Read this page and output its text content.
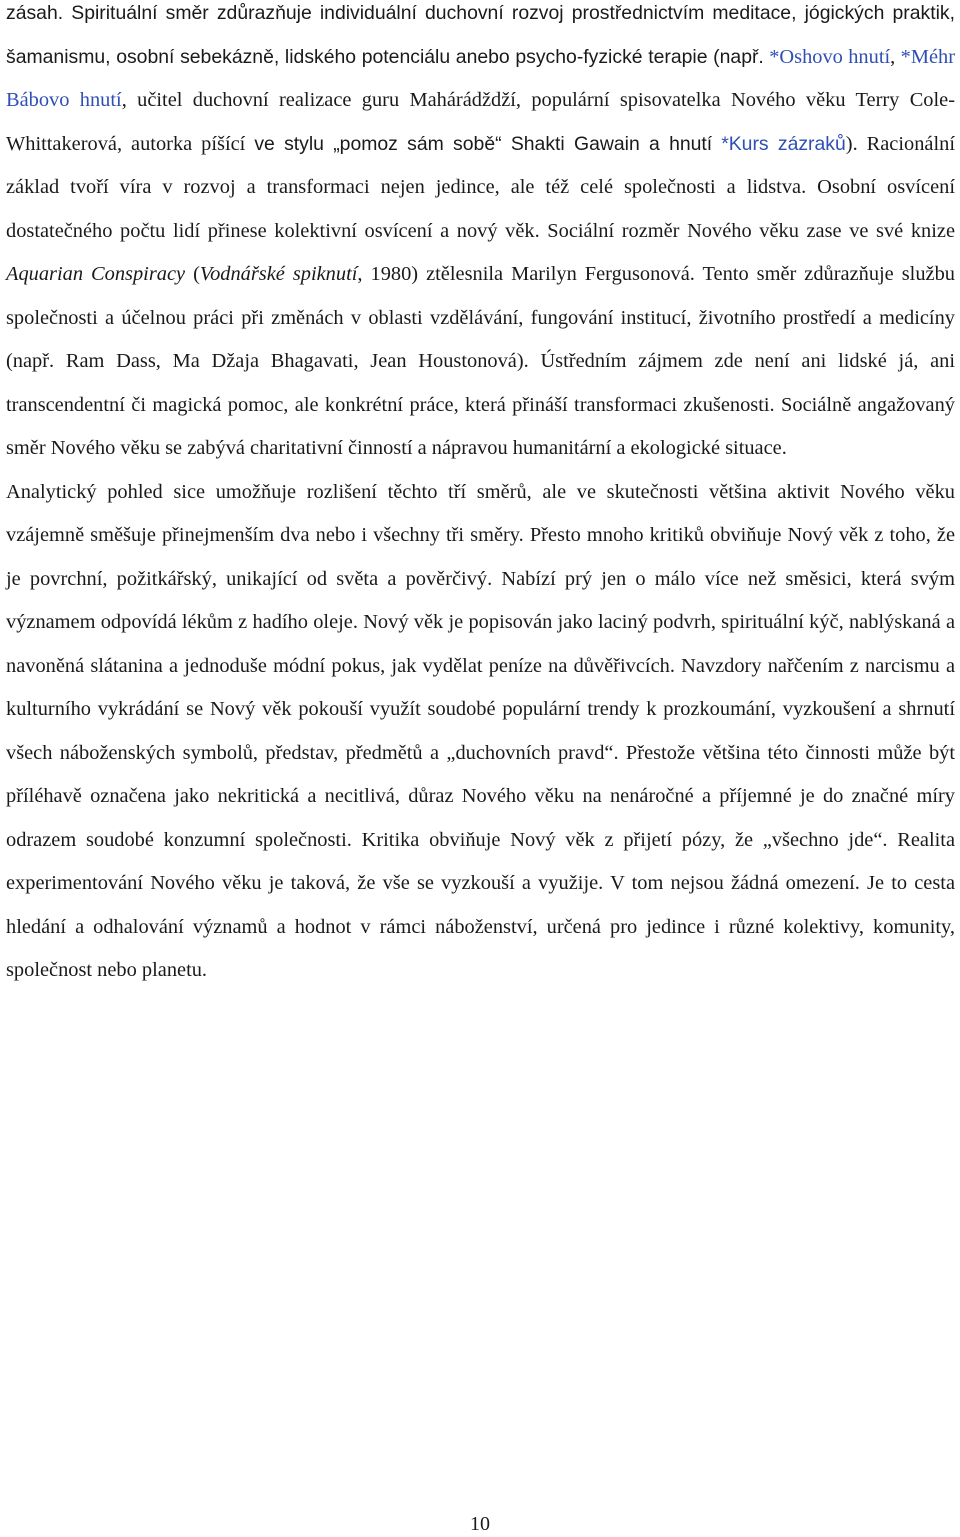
zásah. Spirituální směr zdůrazňuje individuální duchovní rozvoj prostřednictvím meditace, jógických praktik, šamanismu, osobní sebekázně, lidského potenciálu anebo psycho-fyzické terapie (např. *Oshovo hnutí, *Méhr Bábovo hnutí, učitel duchovní realizace guru Mahárádždží, populární spisovatelka Nového věku Terry Cole-Whittakerová, autorka píšící ve stylu „pomoz sám sobě“ Shakti Gawain a hnutí *Kurs zázraků). Racionální základ tvoří víra v rozvoj a transformaci nejen jedince, ale též celé společnosti a lidstva. Osobní osvícení dostatečného počtu lidí přinese kolektivní osvícení a nový věk. Sociální rozměr Nového věku zase ve své knize Aquarian Conspiracy (Vodnářské spiknutí, 1980) ztělesnila Marilyn Fergusonová. Tento směr zdůrazňuje službu společnosti a účelnou práci při změnách v oblasti vzdělávání, fungování institucí, životního prostředí a medicíny (např. Ram Dass, Ma Džaja Bhagavati, Jean Houstonová). Ústředním zájmem zde není ani lidské já, ani transcendentní či magická pomoc, ale konkrétní práce, která přináší transformaci zkušenosti. Sociálně angažovaný směr Nového věku se zabývá charitativní činností a nápravou humanitární a ekologické situace.

Analytický pohled sice umožňuje rozlišení těchto tří směrů, ale ve skutečnosti většina aktivit Nového věku vzájemně směšuje přinejmenším dva nebo i všechny tři směry. Přesto mnoho kritiků obviňuje Nový věk z toho, že je povrchní, požitkářský, unikající od světa a pověrčivý. Nabízí prý jen o málo více než směsici, která svým významem odpovídá lékům z hadího oleje. Nový věk je popisován jako laciný podvrh, spirituální kýč, nablýskaná a navoněná slátanina a jednoduše módní pokus, jak vydělat peníze na důvěřivcích. Navzdory nařčením z narcismu a kulturního vykrádání se Nový věk pokouší využít soudobé populární trendy k prozkoumání, vyzkoušení a shrnutí všech náboženských symbolů, představ, předmětů a „duchovních pravd“. Přestože většina této činnosti může být příléhavě označena jako nekritická a necitlivá, důraz Nového věku na nenáročné a příjemné je do značné míry odrazem soudobé konzumní společnosti. Kritika obviňuje Nový věk z přijetí pózy, že „všechno jde“. Realita experimentování Nového věku je taková, že vše se vyzkouší a využije. V tom nejsou žádná omezení. Je to cesta hledání a odhalování významů a hodnot v rámci náboženství, určená pro jedince i různé kolektivy, komunity, společnost nebo planetu.

10
